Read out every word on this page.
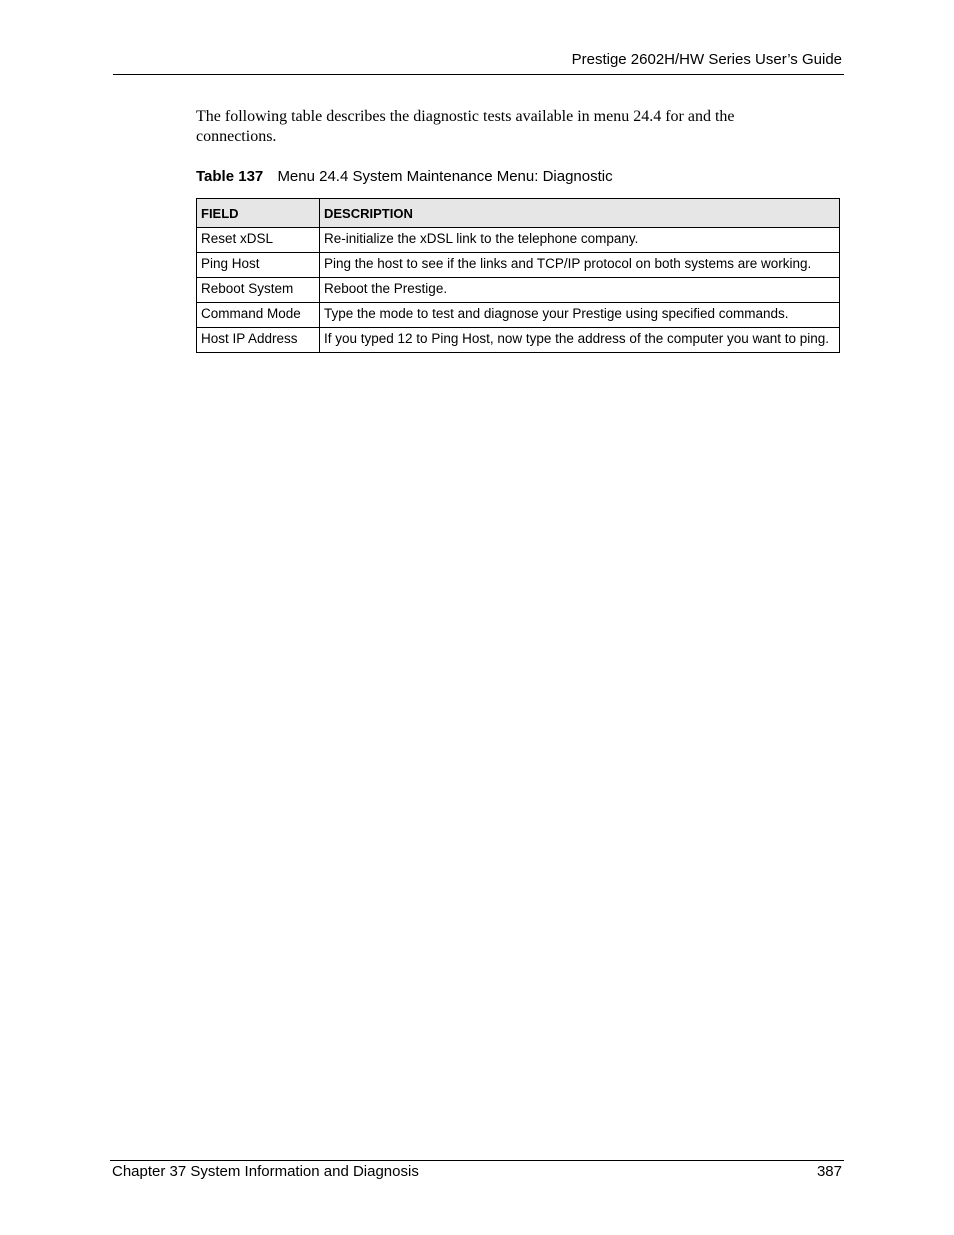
Prestige 2602H/HW Series User’s Guide

The following table describes the diagnostic tests available in menu 24.4 for and the connections.

Table 137 Menu 24.4 System Maintenance Menu: Diagnostic
FIELD	DESCRIPTION
Reset xDSL	Re-initialize the xDSL link to the telephone company.
Ping Host	Ping the host to see if the links and TCP/IP protocol on both systems are working.
Reboot System	Reboot the Prestige.
Command Mode	Type the mode to test and diagnose your Prestige using specified commands.
Host IP Address	If you typed 12 to Ping Host, now type the address of the computer you want to ping.
Chapter 37 System Information and Diagnosis	387
